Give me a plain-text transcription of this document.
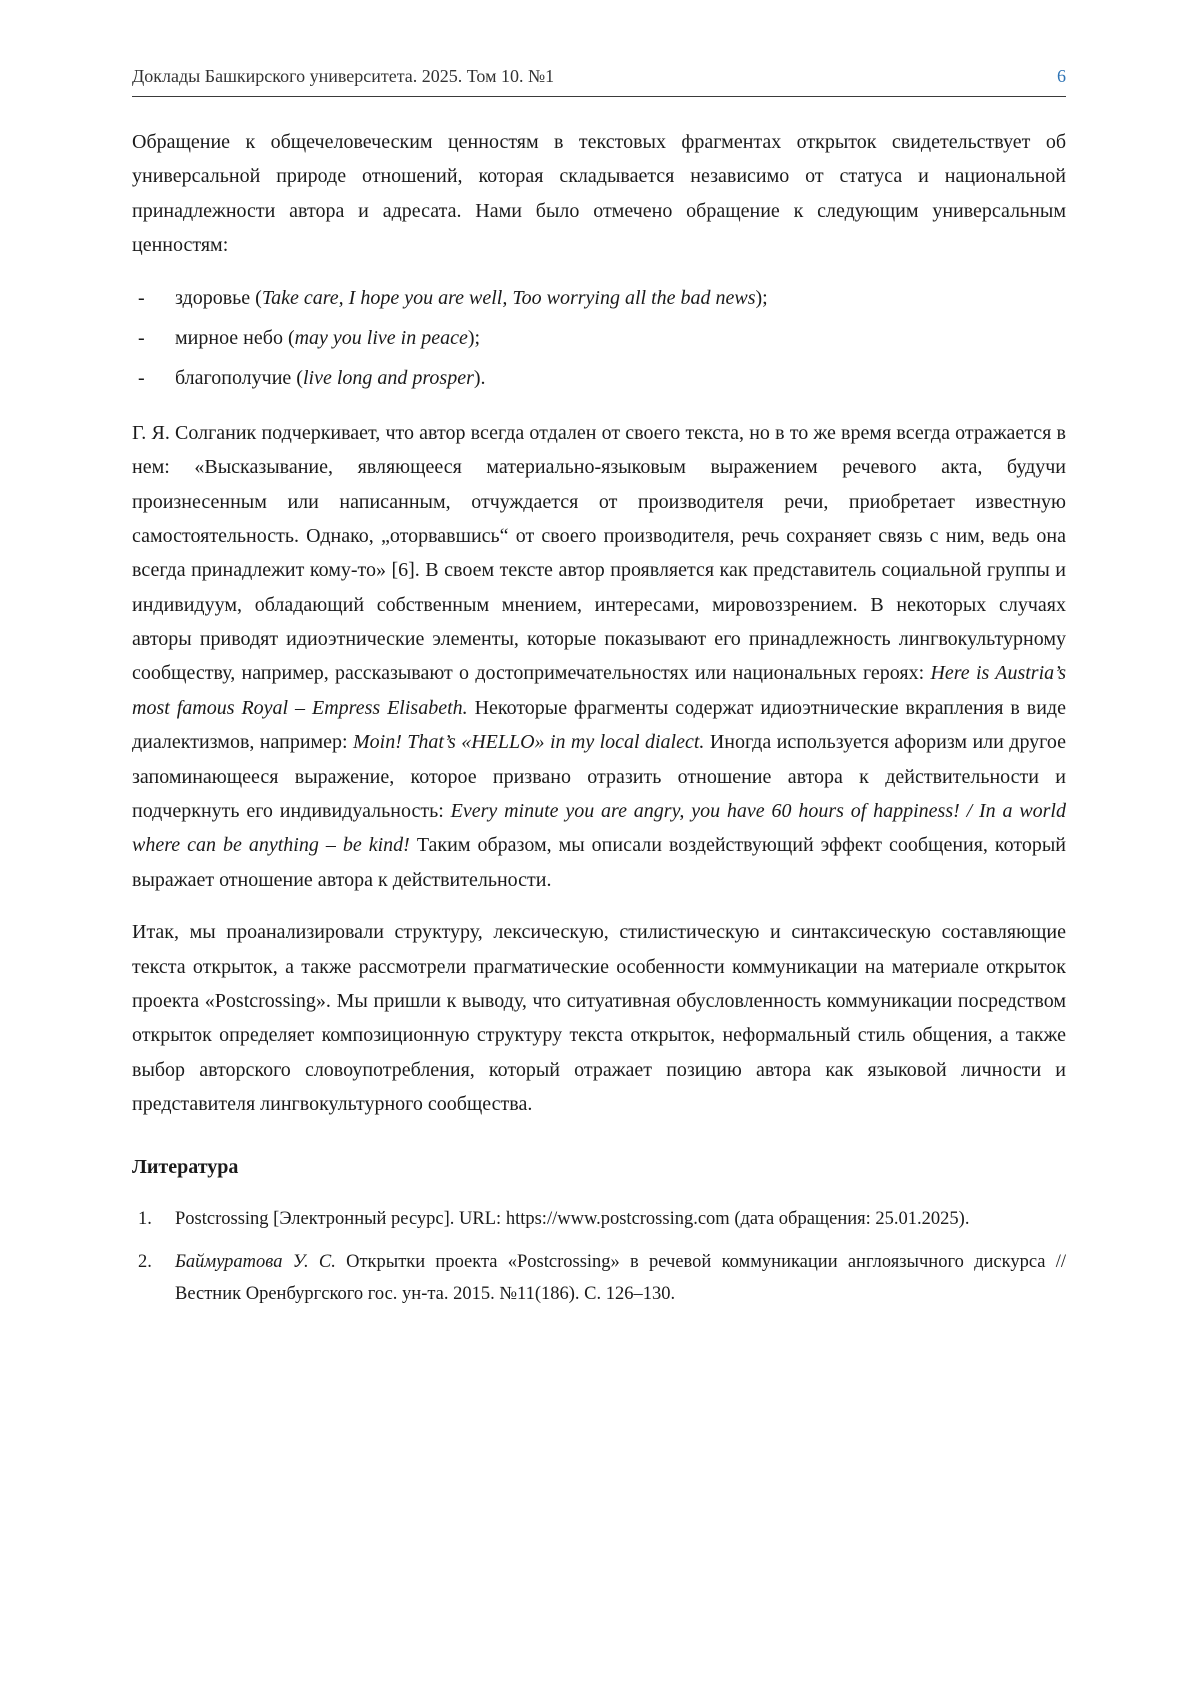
Доклады Башкирского университета. 2025. Том 10. №1	6

Обращение к общечеловеческим ценностям в текстовых фрагментах открыток свидетельствует об универсальной природе отношений, которая складывается независимо от статуса и национальной принадлежности автора и адресата. Нами было отмечено обращение к следующим универсальным ценностям:

-	здоровье (Take care, I hope you are well, Too worrying all the bad news);
-	мирное небо (may you live in peace);
-	благополучие (live long and prosper).

Г. Я. Солганик подчеркивает, что автор всегда отдален от своего текста, но в то же время всегда отражается в нем: «Высказывание, являющееся материально-языковым выражением речевого акта, будучи произнесенным или написанным, отчуждается от производителя речи, приобретает известную самостоятельность. Однако, „оторвавшись“ от своего производителя, речь сохраняет связь с ним, ведь она всегда принадлежит кому-то» [6]. В своем тексте автор проявляется как представитель социальной группы и индивидуум, обладающий собственным мнением, интересами, мировоззрением. В некоторых случаях авторы приводят идиоэтнические элементы, которые показывают его принадлежность лингвокультурному сообществу, например, рассказывают о достопримечательностях или национальных героях: Here is Austria’s most famous Royal – Empress Elisabeth. Некоторые фрагменты содержат идиоэтнические вкрапления в виде диалектизмов, например: Moin! That’s «HELLO» in my local dialect. Иногда используется афоризм или другое запоминающееся выражение, которое призвано отразить отношение автора к действительности и подчеркнуть его индивидуальность: Every minute you are angry, you have 60 hours of happiness! / In a world where can be anything – be kind! Таким образом, мы описали воздействующий эффект сообщения, который выражает отношение автора к действительности.

Итак, мы проанализировали структуру, лексическую, стилистическую и синтаксическую составляющие текста открыток, а также рассмотрели прагматические особенности коммуникации на материале открыток проекта «Postcrossing». Мы пришли к выводу, что ситуативная обусловленность коммуникации посредством открыток определяет композиционную структуру текста открыток, неформальный стиль общения, а также выбор авторского словоупотребления, который отражает позицию автора как языковой личности и представителя лингвокультурного сообщества.

Литература
1.	Postcrossing [Электронный ресурс]. URL: https://www.postcrossing.com (дата обращения: 25.01.2025).
2.	Баймуратова У. С. Открытки проекта «Postcrossing» в речевой коммуникации англоязычного дискурса // Вестник Оренбургского гос. ун-та. 2015. №11(186). С. 126–130.
